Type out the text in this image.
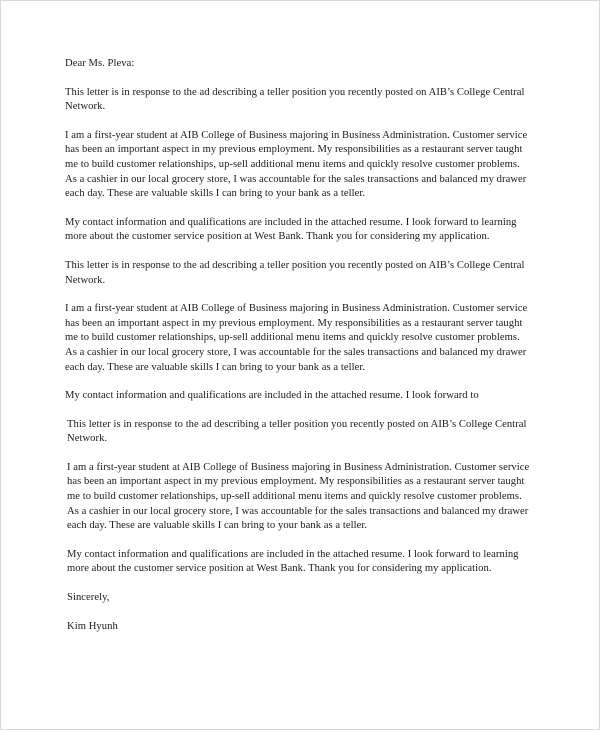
Dear Ms. Pleva:

This letter is in response to the ad describing a teller position you recently posted on AIB’s College Central Network.

I am a first-year student at AIB College of Business majoring in Business Administration. Customer service has been an important aspect in my previous employment. My responsibilities as a restaurant server taught me to build customer relationships, up-sell additional menu items and quickly resolve customer problems. As a cashier in our local grocery store, I was accountable for the sales transactions and balanced my drawer each day. These are valuable skills I can bring to your bank as a teller.

My contact information and qualifications are included in the attached resume. I look forward to learning more about the customer service position at West Bank. Thank you for considering my application.

This letter is in response to the ad describing a teller position you recently posted on AIB’s College Central Network.

I am a first-year student at AIB College of Business majoring in Business Administration. Customer service has been an important aspect in my previous employment. My responsibilities as a restaurant server taught me to build customer relationships, up-sell additional menu items and quickly resolve customer problems. As a cashier in our local grocery store, I was accountable for the sales transactions and balanced my drawer each day. These are valuable skills I can bring to your bank as a teller.

My contact information and qualifications are included in the attached resume. I look forward to

This letter is in response to the ad describing a teller position you recently posted on AIB’s College Central Network.

I am a first-year student at AIB College of Business majoring in Business Administration. Customer service has been an important aspect in my previous employment. My responsibilities as a restaurant server taught me to build customer relationships, up-sell additional menu items and quickly resolve customer problems. As a cashier in our local grocery store, I was accountable for the sales transactions and balanced my drawer each day. These are valuable skills I can bring to your bank as a teller.

My contact information and qualifications are included in the attached resume. I look forward to learning more about the customer service position at West Bank. Thank you for considering my application.

Sincerely,

Kim Hyunh
